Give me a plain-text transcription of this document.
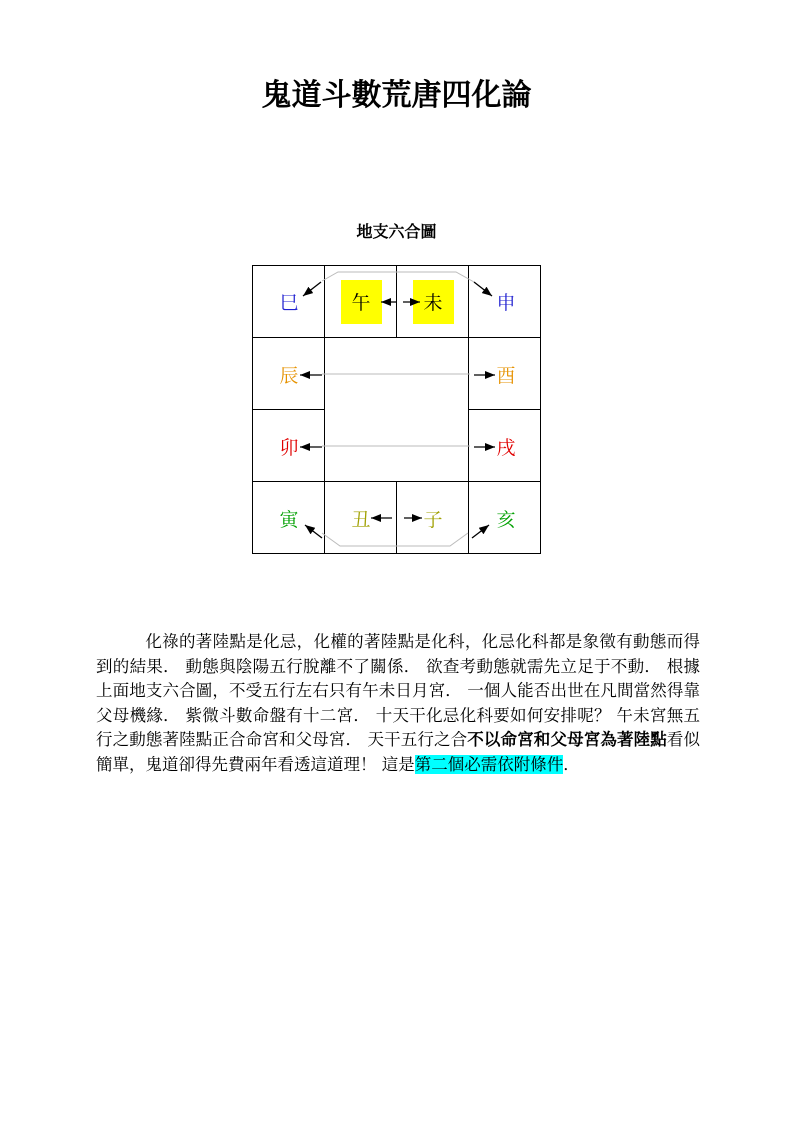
鬼道斗數荒唐四化論
地支六合圖
巳	午	未	申
辰	酉
卯	戌
寅	丑	子	亥

化祿的著陸點是化忌，化權的著陸點是化科，化忌化科都是象徵有動態而得到的結果． 動態與陰陽五行脫離不了關係． 欲查考動態就需先立足于不動． 根據上面地支六合圖，不受五行左右只有午未日月宮． 一個人能否出世在凡間當然得靠父母機緣． 紫微斗數命盤有十二宮． 十天干化忌化科要如何安排呢？ 午未宮無五行之動態著陸點正合命宮和父母宮． 天干五行之合不以命宮和父母宮為著陸點看似簡單，鬼道卻得先費兩年看透這道理！ 這是第二個必需依附條件．
